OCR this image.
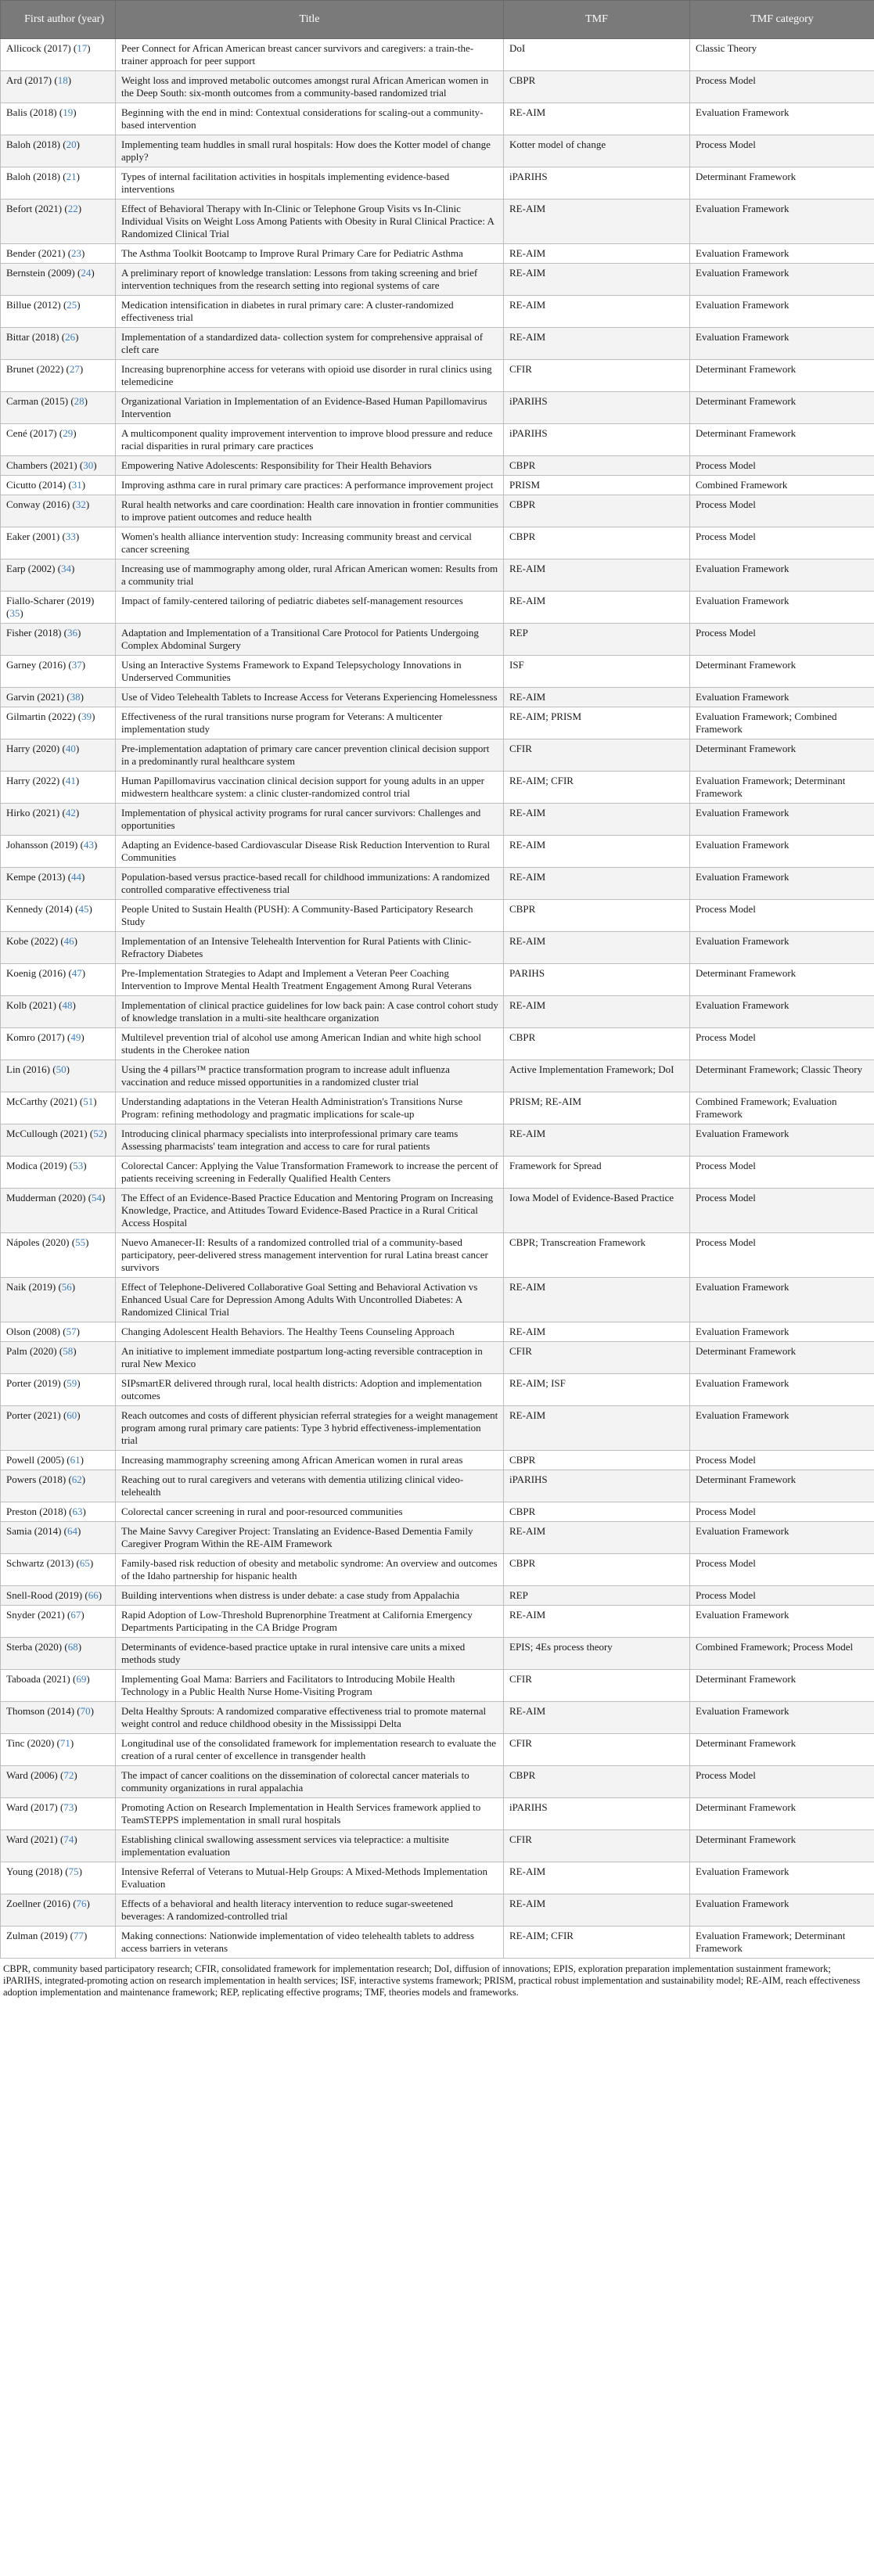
First author (year)	Title	TMF	TMF category
Allicock (2017) (17)	Peer Connect for African American breast cancer survivors and caregivers: a train-the-trainer approach for peer support	DoI	Classic Theory
Ard (2017) (18)	Weight loss and improved metabolic outcomes amongst rural African American women in the Deep South: six-month outcomes from a community-based randomized trial	CBPR	Process Model
Balis (2018) (19)	Beginning with the end in mind: Contextual considerations for scaling-out a community-based intervention	RE-AIM	Evaluation Framework
Baloh (2018) (20)	Implementing team huddles in small rural hospitals: How does the Kotter model of change apply?	Kotter model of change	Process Model
Baloh (2018) (21)	Types of internal facilitation activities in hospitals implementing evidence-based interventions	iPARIHS	Determinant Framework
Befort (2021) (22)	Effect of Behavioral Therapy with In-Clinic or Telephone Group Visits vs In-Clinic Individual Visits on Weight Loss Among Patients with Obesity in Rural Clinical Practice: A Randomized Clinical Trial	RE-AIM	Evaluation Framework
Bender (2021) (23)	The Asthma Toolkit Bootcamp to Improve Rural Primary Care for Pediatric Asthma	RE-AIM	Evaluation Framework
Bernstein (2009) (24)	A preliminary report of knowledge translation: Lessons from taking screening and brief intervention techniques from the research setting into regional systems of care	RE-AIM	Evaluation Framework
Billue (2012) (25)	Medication intensification in diabetes in rural primary care: A cluster-randomized effectiveness trial	RE-AIM	Evaluation Framework
Bittar (2018) (26)	Implementation of a standardized data- collection system for comprehensive appraisal of cleft care	RE-AIM	Evaluation Framework
Brunet (2022) (27)	Increasing buprenorphine access for veterans with opioid use disorder in rural clinics using telemedicine	CFIR	Determinant Framework
Carman (2015) (28)	Organizational Variation in Implementation of an Evidence-Based Human Papillomavirus Intervention	iPARIHS	Determinant Framework
Cené (2017) (29)	A multicomponent quality improvement intervention to improve blood pressure and reduce racial disparities in rural primary care practices	iPARIHS	Determinant Framework
Chambers (2021) (30)	Empowering Native Adolescents: Responsibility for Their Health Behaviors	CBPR	Process Model
Cicutto (2014) (31)	Improving asthma care in rural primary care practices: A performance improvement project	PRISM	Combined Framework
Conway (2016) (32)	Rural health networks and care coordination: Health care innovation in frontier communities to improve patient outcomes and reduce health	CBPR	Process Model
Eaker (2001) (33)	Women's health alliance intervention study: Increasing community breast and cervical cancer screening	CBPR	Process Model
Earp (2002) (34)	Increasing use of mammography among older, rural African American women: Results from a community trial	RE-AIM	Evaluation Framework
Fiallo-Scharer (2019) (35)	Impact of family-centered tailoring of pediatric diabetes self-management resources	RE-AIM	Evaluation Framework
Fisher (2018) (36)	Adaptation and Implementation of a Transitional Care Protocol for Patients Undergoing Complex Abdominal Surgery	REP	Process Model
Garney (2016) (37)	Using an Interactive Systems Framework to Expand Telepsychology Innovations in Underserved Communities	ISF	Determinant Framework
Garvin (2021) (38)	Use of Video Telehealth Tablets to Increase Access for Veterans Experiencing Homelessness	RE-AIM	Evaluation Framework
Gilmartin (2022) (39)	Effectiveness of the rural transitions nurse program for Veterans: A multicenter implementation study	RE-AIM; PRISM	Evaluation Framework; Combined Framework
Harry (2020) (40)	Pre-implementation adaptation of primary care cancer prevention clinical decision support in a predominantly rural healthcare system	CFIR	Determinant Framework
Harry (2022) (41)	Human Papillomavirus vaccination clinical decision support for young adults in an upper midwestern healthcare system: a clinic cluster-randomized control trial	RE-AIM; CFIR	Evaluation Framework; Determinant Framework
Hirko (2021) (42)	Implementation of physical activity programs for rural cancer survivors: Challenges and opportunities	RE-AIM	Evaluation Framework
Johansson (2019) (43)	Adapting an Evidence-based Cardiovascular Disease Risk Reduction Intervention to Rural Communities	RE-AIM	Evaluation Framework
Kempe (2013) (44)	Population-based versus practice-based recall for childhood immunizations: A randomized controlled comparative effectiveness trial	RE-AIM	Evaluation Framework
Kennedy (2014) (45)	People United to Sustain Health (PUSH): A Community-Based Participatory Research Study	CBPR	Process Model
Kobe (2022) (46)	Implementation of an Intensive Telehealth Intervention for Rural Patients with Clinic-Refractory Diabetes	RE-AIM	Evaluation Framework
Koenig (2016) (47)	Pre-Implementation Strategies to Adapt and Implement a Veteran Peer Coaching Intervention to Improve Mental Health Treatment Engagement Among Rural Veterans	PARIHS	Determinant Framework
Kolb (2021) (48)	Implementation of clinical practice guidelines for low back pain: A case control cohort study of knowledge translation in a multi-site healthcare organization	RE-AIM	Evaluation Framework
Komro (2017) (49)	Multilevel prevention trial of alcohol use among American Indian and white high school students in the Cherokee nation	CBPR	Process Model
Lin (2016) (50)	Using the 4 pillars™ practice transformation program to increase adult influenza vaccination and reduce missed opportunities in a randomized cluster trial	Active Implementation Framework; DoI	Determinant Framework; Classic Theory
McCarthy (2021) (51)	Understanding adaptations in the Veteran Health Administration's Transitions Nurse Program: refining methodology and pragmatic implications for scale-up	PRISM; RE-AIM	Combined Framework; Evaluation Framework
McCullough (2021) (52)	Introducing clinical pharmacy specialists into interprofessional primary care teams Assessing pharmacists' team integration and access to care for rural patients	RE-AIM	Evaluation Framework
Modica (2019) (53)	Colorectal Cancer: Applying the Value Transformation Framework to increase the percent of patients receiving screening in Federally Qualified Health Centers	Framework for Spread	Process Model
Mudderman (2020) (54)	The Effect of an Evidence-Based Practice Education and Mentoring Program on Increasing Knowledge, Practice, and Attitudes Toward Evidence-Based Practice in a Rural Critical Access Hospital	Iowa Model of Evidence-Based Practice	Process Model
Nápoles (2020) (55)	Nuevo Amanecer-II: Results of a randomized controlled trial of a community-based participatory, peer-delivered stress management intervention for rural Latina breast cancer survivors	CBPR; Transcreation Framework	Process Model
Naik (2019) (56)	Effect of Telephone-Delivered Collaborative Goal Setting and Behavioral Activation vs Enhanced Usual Care for Depression Among Adults With Uncontrolled Diabetes: A Randomized Clinical Trial	RE-AIM	Evaluation Framework
Olson (2008) (57)	Changing Adolescent Health Behaviors. The Healthy Teens Counseling Approach	RE-AIM	Evaluation Framework
Palm (2020) (58)	An initiative to implement immediate postpartum long-acting reversible contraception in rural New Mexico	CFIR	Determinant Framework
Porter (2019) (59)	SIPsmartER delivered through rural, local health districts: Adoption and implementation outcomes	RE-AIM; ISF	Evaluation Framework
Porter (2021) (60)	Reach outcomes and costs of different physician referral strategies for a weight management program among rural primary care patients: Type 3 hybrid effectiveness-implementation trial	RE-AIM	Evaluation Framework
Powell (2005) (61)	Increasing mammography screening among African American women in rural areas	CBPR	Process Model
Powers (2018) (62)	Reaching out to rural caregivers and veterans with dementia utilizing clinical video-telehealth	iPARIHS	Determinant Framework
Preston (2018) (63)	Colorectal cancer screening in rural and poor-resourced communities	CBPR	Process Model
Samia (2014) (64)	The Maine Savvy Caregiver Project: Translating an Evidence-Based Dementia Family Caregiver Program Within the RE-AIM Framework	RE-AIM	Evaluation Framework
Schwartz (2013) (65)	Family-based risk reduction of obesity and metabolic syndrome: An overview and outcomes of the Idaho partnership for hispanic health	CBPR	Process Model
Snell-Rood (2019) (66)	Building interventions when distress is under debate: a case study from Appalachia	REP	Process Model
Snyder (2021) (67)	Rapid Adoption of Low-Threshold Buprenorphine Treatment at California Emergency Departments Participating in the CA Bridge Program	RE-AIM	Evaluation Framework
Sterba (2020) (68)	Determinants of evidence-based practice uptake in rural intensive care units a mixed methods study	EPIS; 4Es process theory	Combined Framework; Process Model
Taboada (2021) (69)	Implementing Goal Mama: Barriers and Facilitators to Introducing Mobile Health Technology in a Public Health Nurse Home-Visiting Program	CFIR	Determinant Framework
Thomson (2014) (70)	Delta Healthy Sprouts: A randomized comparative effectiveness trial to promote maternal weight control and reduce childhood obesity in the Mississippi Delta	RE-AIM	Evaluation Framework
Tinc (2020) (71)	Longitudinal use of the consolidated framework for implementation research to evaluate the creation of a rural center of excellence in transgender health	CFIR	Determinant Framework
Ward (2006) (72)	The impact of cancer coalitions on the dissemination of colorectal cancer materials to community organizations in rural appalachia	CBPR	Process Model
Ward (2017) (73)	Promoting Action on Research Implementation in Health Services framework applied to TeamSTEPPS implementation in small rural hospitals	iPARIHS	Determinant Framework
Ward (2021) (74)	Establishing clinical swallowing assessment services via telepractice: a multisite implementation evaluation	CFIR	Determinant Framework
Young (2018) (75)	Intensive Referral of Veterans to Mutual-Help Groups: A Mixed-Methods Implementation Evaluation	RE-AIM	Evaluation Framework
Zoellner (2016) (76)	Effects of a behavioral and health literacy intervention to reduce sugar-sweetened beverages: A randomized-controlled trial	RE-AIM	Evaluation Framework
Zulman (2019) (77)	Making connections: Nationwide implementation of video telehealth tablets to address access barriers in veterans	RE-AIM; CFIR	Evaluation Framework; Determinant Framework
CBPR, community based participatory research; CFIR, consolidated framework for implementation research; DoI, diffusion of innovations; EPIS, exploration preparation implementation sustainment framework; iPARIHS, integrated-promoting action on research implementation in health services; ISF, interactive systems framework; PRISM, practical robust implementation and sustainability model; RE-AIM, reach effectiveness adoption implementation and maintenance framework; REP, replicating effective programs; TMF, theories models and frameworks.
